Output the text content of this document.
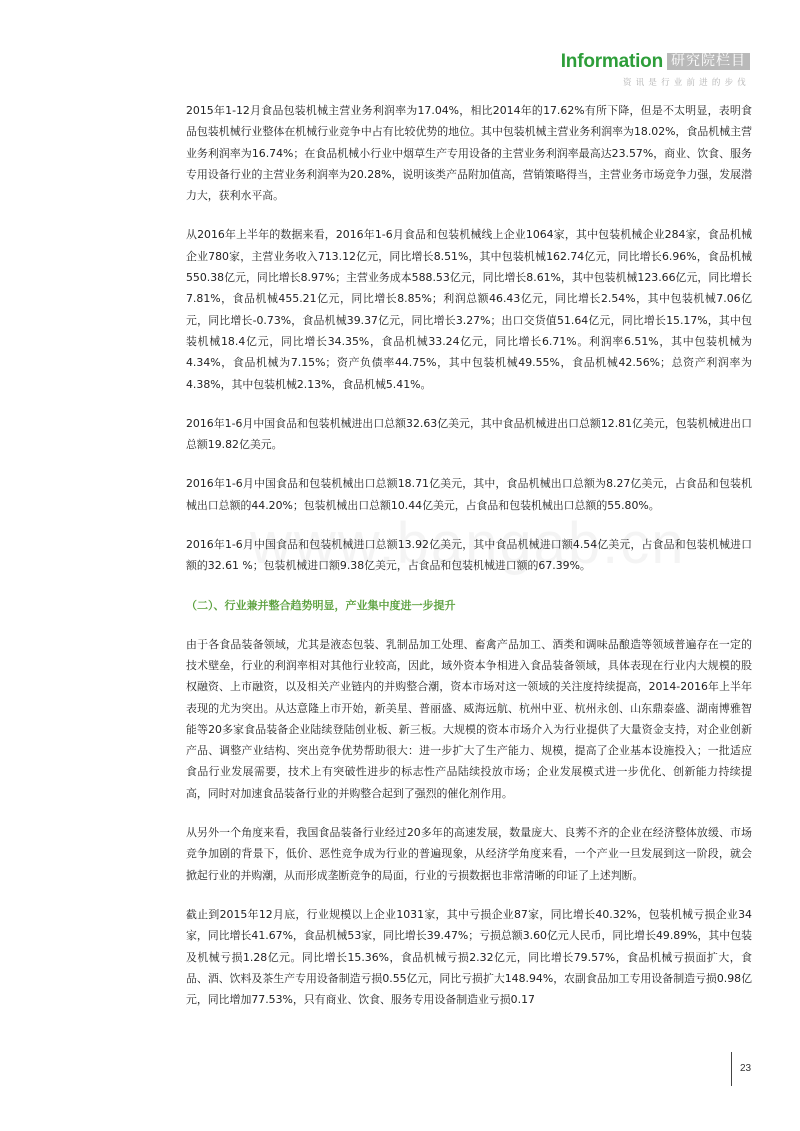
Information 研究院栏目
资讯是行业前进的步伐

2015年1-12月食品包装机械主营业务利润率为17.04%，相比2014年的17.62%有所下降，但是不太明显，表明食品包装机械行业整体在机械行业竞争中占有比较优势的地位。其中包装机械主营业务利润率为18.02%，食品机械主营业务利润率为16.74%；在食品机械小行业中烟草生产专用设备的主营业务利润率最高达23.57%，商业、饮食、服务专用设备行业的主营业务利润率为20.28%，说明该类产品附加值高，营销策略得当，主营业务市场竞争力强，发展潜力大，获利水平高。

从2016年上半年的数据来看，2016年1-6月食品和包装机械线上企业1064家，其中包装机械企业284家，食品机械企业780家，主营业务收入713.12亿元，同比增长8.51%，其中包装机械162.74亿元，同比增长6.96%，食品机械550.38亿元，同比增长8.97%；主营业务成本588.53亿元，同比增长8.61%，其中包装机械123.66亿元，同比增长7.81%，食品机械455.21亿元，同比增长8.85%；利润总额46.43亿元，同比增长2.54%，其中包装机械7.06亿元，同比增长-0.73%，食品机械39.37亿元，同比增长3.27%；出口交货值51.64亿元，同比增长15.17%，其中包装机械18.4亿元，同比增长34.35%，食品机械33.24亿元，同比增长6.71%。利润率6.51%，其中包装机械为4.34%，食品机械为7.15%；资产负债率44.75%，其中包装机械49.55%，食品机械42.56%；总资产利润率为4.38%，其中包装机械2.13%，食品机械5.41%。

2016年1-6月中国食品和包装机械进出口总额32.63亿美元，其中食品机械进出口总额12.81亿美元，包装机械进出口总额19.82亿美元。

2016年1-6月中国食品和包装机械出口总额18.71亿美元，其中，食品机械出口总额为8.27亿美元，占食品和包装机械出口总额的44.20%；包装机械出口总额10.44亿美元，占食品和包装机械出口总额的55.80%。

2016年1-6月中国食品和包装机械进口总额13.92亿美元，其中食品机械进口额4.54亿美元，占食品和包装机械进口额的32.61 %；包装机械进口额9.38亿美元，占食品和包装机械进口额的67.39%。

（二）、行业兼并整合趋势明显，产业集中度进一步提升

由于各食品装备领域，尤其是液态包装、乳制品加工处理、畜禽产品加工、酒类和调味品酿造等领域普遍存在一定的技术壁垒，行业的利润率相对其他行业较高，因此，域外资本争相进入食品装备领域，具体表现在行业内大规模的股权融资、上市融资，以及相关产业链内的并购整合潮，资本市场对这一领域的关注度持续提高，2014-2016年上半年表现的尤为突出。从达意隆上市开始，新美星、普丽盛、威海远航、杭州中亚、杭州永创、山东鼎泰盛、湖南博雅智能等20多家食品装备企业陆续登陆创业板、新三板。大规模的资本市场介入为行业提供了大量资金支持，对企业创新产品、调整产业结构、突出竞争优势帮助很大：进一步扩大了生产能力、规模，提高了企业基本设施投入；一批适应食品行业发展需要，技术上有突破性进步的标志性产品陆续投放市场；企业发展模式进一步优化、创新能力持续提高，同时对加速食品装备行业的并购整合起到了强烈的催化剂作用。

从另外一个角度来看，我国食品装备行业经过20多年的高速发展，数量庞大、良莠不齐的企业在经济整体放缓、市场竞争加剧的背景下，低价、恶性竞争成为行业的普遍现象，从经济学角度来看，一个产业一旦发展到这一阶段，就会掀起行业的并购潮，从而形成垄断竞争的局面，行业的亏损数据也非常清晰的印证了上述判断。

截止到2015年12月底，行业规模以上企业1031家，其中亏损企业87家，同比增长40.32%，包装机械亏损企业34家，同比增长41.67%，食品机械53家，同比增长39.47%；亏损总额3.60亿元人民币，同比增长49.89%，其中包装及机械亏损1.28亿元。同比增长15.36%，食品机械亏损2.32亿元，同比增长79.57%，食品机械亏损面扩大，食品、酒、饮料及茶生产专用设备制造亏损0.55亿元，同比亏损扩大148.94%，农副食品加工专用设备制造亏损0.98亿元，同比增加77.53%，只有商业、饮食、服务专用设备制造业亏损0.17

23
